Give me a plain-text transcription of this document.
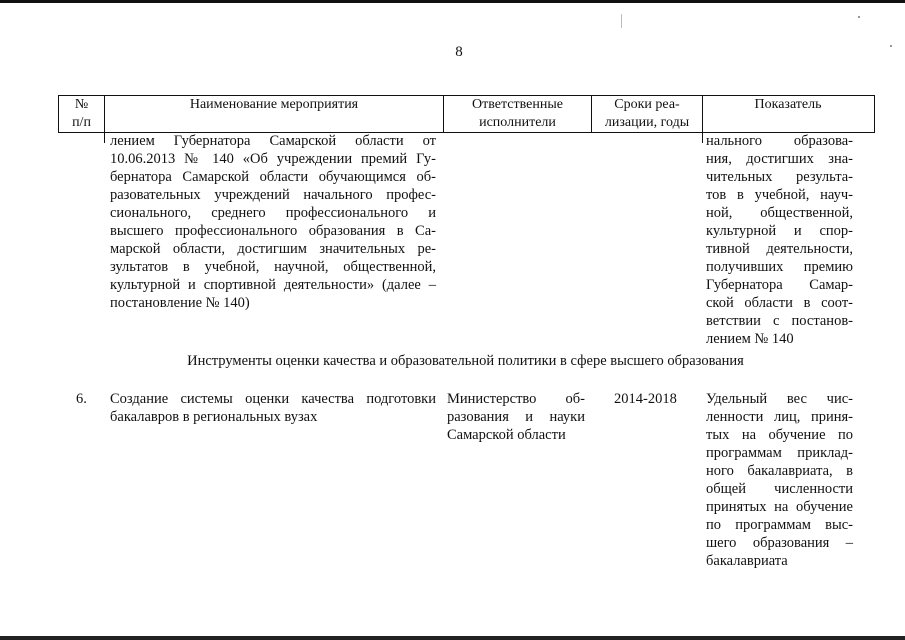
8
№
п/п
Наименование мероприятия	Ответственные
исполнители
Сроки реа-
лизации, годы
Показатель
лением Губернатора Самарской области от
10.06.2013 № 140 «Об учреждении премий Гу-
бернатора Самарской области обучающимся об-
разовательных учреждений начального профес-
сионального, среднего профессионального и
высшего профессионального образования в Са-
марской области, достигшим значительных ре-
зультатов в учебной, научной, общественной,
культурной и спортивной деятельности» (далее –
постановление № 140)
нального образова-
ния, достигших зна-
чительных результа-
тов в учебной, науч-
ной, общественной,
культурной и спор-
тивной деятельности,
получивших премию
Губернатора Самар-
ской области в соот-
ветствии с постанов-
лением № 140
Инструменты оценки качества и образовательной политики в сфере высшего образования
6. Создание системы оценки качества подготовки
бакалавров в региональных вузах
Министерство об-
разования и науки
Самарской области
2014-2018 Удельный вес чис-
ленности лиц, приня-
тых на обучение по
программам приклад-
ного бакалавриата, в
общей численности
принятых на обучение
по программам выс-
шего образования –
бакалавриата
